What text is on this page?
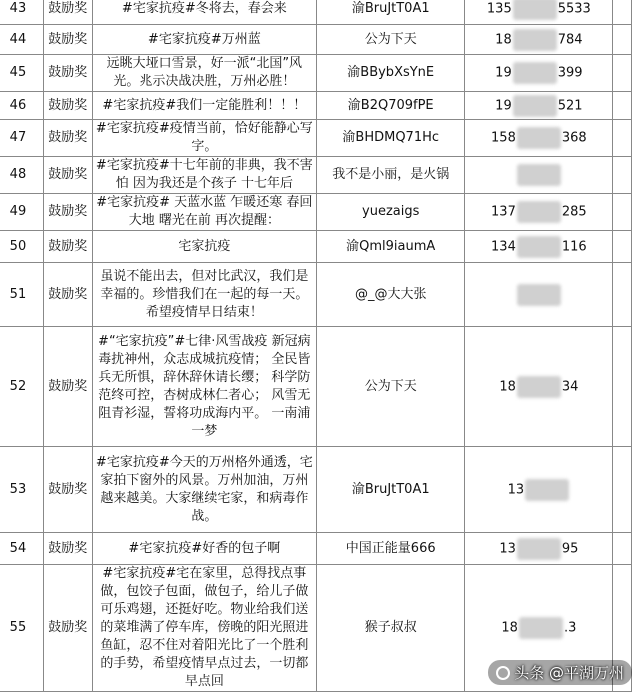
43	鼓励奖	#宅家抗疫#冬将去，春会来	渝BruJtT0A1	135 5533	
44	鼓励奖	#宅家抗疫#万州蓝	公为下天	18 784	
45	鼓励奖	远眺大垭口雪景，好一派“北国”风光。兆示决战决胜，万州必胜！	渝BBybXsYnE	19 399	
46	鼓励奖	#宅家抗疫#我们一定能胜利！！！	渝B2Q709fPE	19 521	
47	鼓励奖	#宅家抗疫#疫情当前，恰好能静心写字。	渝BHDMQ71Hc	158 368	
48	鼓励奖	#宅家抗疫#十七年前的非典，我不害怕 因为我还是个孩子 十七年后	我不是小丽，是火锅		
49	鼓励奖	#宅家抗疫# 天蓝水蓝 乍暖还寒 春回大地 曙光在前 再次提醒：	yuezaigs	137 285	
50	鼓励奖	宅家抗疫	渝Qml9iaumA	134 116	
51	鼓励奖	虽说不能出去，但对比武汉，我们是幸福的。珍惜我们在一起的每一天。希望疫情早日结束！	@_@大大张		
52	鼓励奖	#“宅家抗疫”#七律·风雪战疫 新冠病毒扰神州，众志成城抗疫情； 全民皆兵无所惧，辞休辞休请长缨； 科学防范终可控，杏树成林仁者心； 风雪无阻青衫湿，誓将功成海内平。 一南浦一梦	公为下天	18 34	
53	鼓励奖	#宅家抗疫#今天的万州格外通透，宅家拍下窗外的风景。万州加油，万州越来越美。大家继续宅家，和病毒作战。	渝BruJtT0A1	13	
54	鼓励奖	#宅家抗疫#好香的包子啊	中国正能量666	13 95	
55	鼓励奖	#宅家抗疫#宅在家里，总得找点事做，包饺子包面，做包子，给儿子做可乐鸡翅，还挺好吃。物业给我们送的菜堆满了停车库，傍晚的阳光照进鱼缸，忍不住对着阳光比了一个胜利的手势，希望疫情早点过去，一切都早点回	猴子叔叔	18 .3	
头条 @平湖万州
